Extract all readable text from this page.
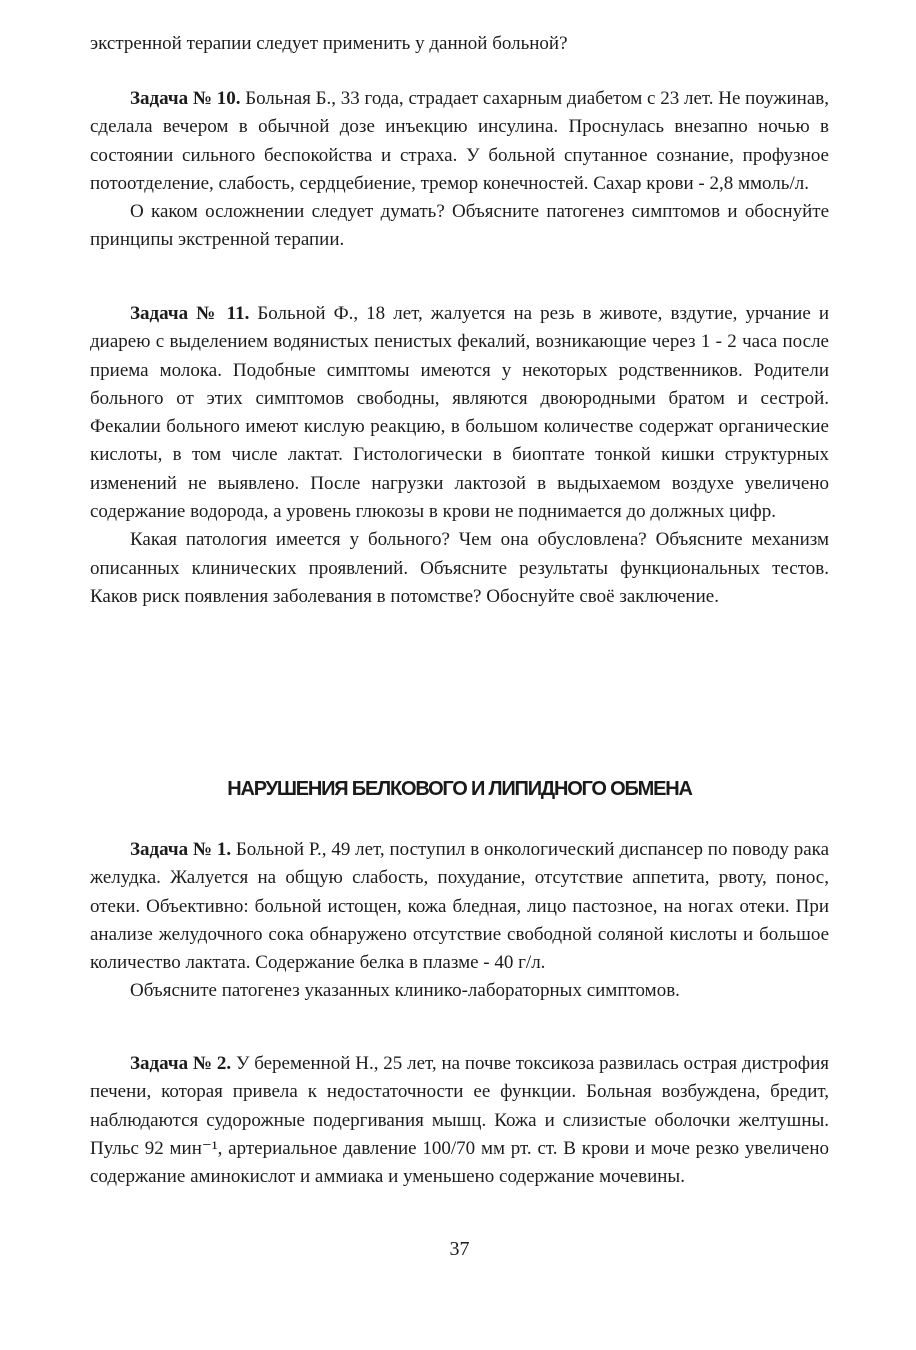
экстренной терапии следует применить у данной больной?

Задача № 10. Больная Б., 33 года, страдает сахарным диабетом с 23 лет. Не поужинав, сделала вечером в обычной дозе инъекцию инсулина. Проснулась внезапно ночью в состоянии сильного беспокойства и страха. У больной спутанное сознание, профузное потоотделение, слабость, сердцебиение, тремор конечностей. Сахар крови - 2,8 ммоль/л.

О каком осложнении следует думать? Объясните патогенез симптомов и обоснуйте принципы экстренной терапии.

Задача № 11. Больной Ф., 18 лет, жалуется на резь в животе, вздутие, урчание и диарею с выделением водянистых пенистых фекалий, возникающие через 1 - 2 часа после приема молока. Подобные симптомы имеются у некоторых родственников. Родители больного от этих симптомов свободны, являются двоюродными братом и сестрой. Фекалии больного имеют кислую реакцию, в большом количестве содержат органические кислоты, в том числе лактат. Гистологически в биоптате тонкой кишки структурных изменений не выявлено. После нагрузки лактозой в выдыхаемом воздухе увеличено содержание водорода, а уровень глюкозы в крови не поднимается до должных цифр.

Какая патология имеется у больного? Чем она обусловлена? Объясните механизм описанных клинических проявлений. Объясните результаты функциональных тестов. Каков риск появления заболевания в потомстве? Обоснуйте своё заключение.

НАРУШЕНИЯ БЕЛКОВОГО И ЛИПИДНОГО ОБМЕНА

Задача № 1. Больной Р., 49 лет, поступил в онкологический диспансер по поводу рака желудка. Жалуется на общую слабость, похудание, отсутствие аппетита, рвоту, понос, отеки. Объективно: больной истощен, кожа бледная, лицо пастозное, на ногах отеки. При анализе желудочного сока обнаружено отсутствие свободной соляной кислоты и большое количество лактата. Содержание белка в плазме - 40 г/л.

Объясните патогенез указанных клинико-лабораторных симптомов.

Задача № 2. У беременной Н., 25 лет, на почве токсикоза развилась острая дистрофия печени, которая привела к недостаточности ее функции. Больная возбуждена, бредит, наблюдаются судорожные подергивания мышц. Кожа и слизистые оболочки желтушны. Пульс 92 мин⁻¹, артериальное давление 100/70 мм рт. ст. В крови и моче резко увеличено содержание аминокислот и аммиака и уменьшено содержание мочевины.

37
